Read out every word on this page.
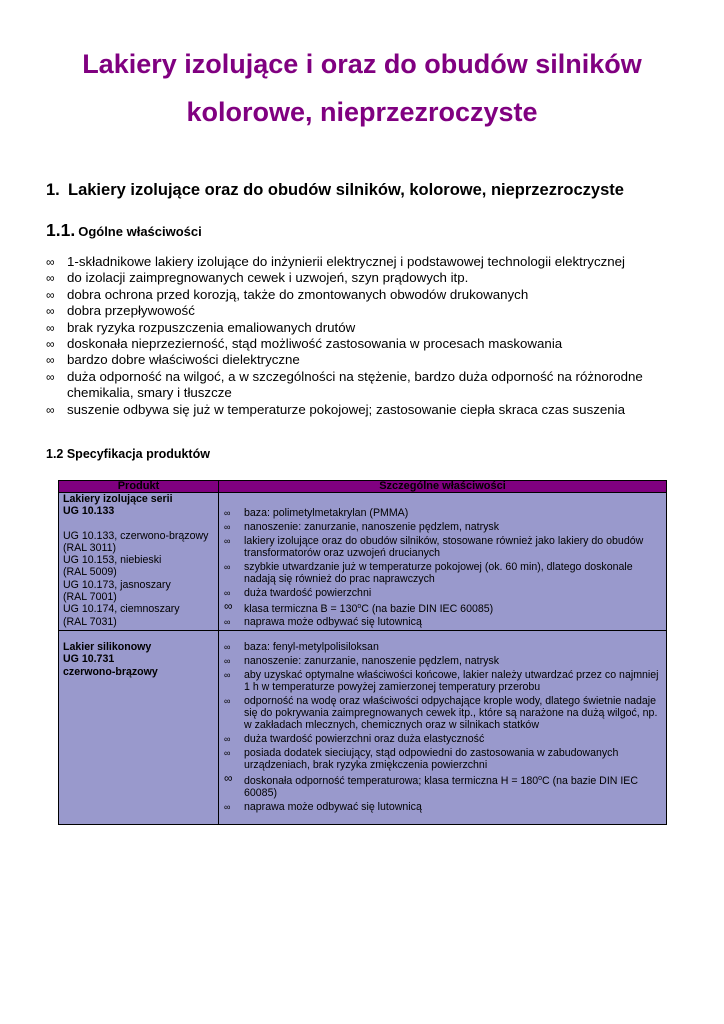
Lakiery izolujące i oraz do obudów silników
kolorowe, nieprzezroczyste
1. Lakiery izolujące oraz do obudów silników, kolorowe, nieprzezroczyste
1.1. Ogólne właściwości
∞ 1-składnikowe lakiery izolujące do inżynierii elektrycznej i podstawowej technologii elektrycznej
∞ do izolacji zaimpregnowanych cewek i uzwojeń, szyn prądowych itp.
∞ dobra ochrona przed korozją, także do zmontowanych obwodów drukowanych
∞ dobra przepływowość
∞ brak ryzyka rozpuszczenia emaliowanych drutów
∞ doskonała nieprzezierność, stąd możliwość zastosowania w procesach maskowania
∞ bardzo dobre właściwości dielektryczne
∞ duża odporność na wilgoć, a w szczególności na stężenie, bardzo duża odporność na różnorodne chemikalia, smary i tłuszcze
∞ suszenie odbywa się już w temperaturze pokojowej; zastosowanie ciepła skraca czas suszenia
1.2 Specyfikacja produktów
Produkt	Szczególne właściwości
Lakiery izolujące serii
UG 10.133
UG 10.133, czerwono-brązowy
(RAL 3011)
UG 10.153, niebieski
(RAL 5009)
UG 10.173, jasnoszary
(RAL 7001)
UG 10.174, ciemnoszary
(RAL 7031)
∞ baza: polimetylmetakrylan (PMMA)
∞ nanoszenie: zanurzanie, nanoszenie pędzlem, natrysk
∞ lakiery izolujące oraz do obudów silników, stosowane również jako lakiery do obudów transformatorów oraz uzwojeń drucianych
∞ szybkie utwardzanie już w temperaturze pokojowej (ok. 60 min), dlatego doskonale nadają się również do prac naprawczych
∞ duża twardość powierzchni
∞ klasa termiczna $B = 130^oC$ (na bazie DIN IEC 60085)
∞ naprawa może odbywać się lutownicą
Lakier silikonowy
UG 10.731
czerwono-brązowy
∞ baza: fenyl-metylpolisiloksan
∞ nanoszenie: zanurzanie, nanoszenie pędzlem, natrysk
∞ aby uzyskać optymalne właściwości końcowe, lakier należy utwardzać przez co najmniej 1 h w temperaturze powyżej zamierzonej temperatury przerobu
∞ odporność na wodę oraz właściwości odpychające krople wody, dlatego świetnie nadaje się do pokrywania zaimpregnowanych cewek itp., które są narażone na dużą wilgoć, np. w zakładach mlecznych, chemicznych oraz w silnikach statków
∞ duża twardość powierzchni oraz duża elastyczność
∞ posiada dodatek sieciujący, stąd odpowiedni do zastosowania w zabudowanych urządzeniach, brak ryzyka zmiękczenia powierzchni
∞ doskonała odporność temperaturowa; klasa termiczna $H = 180^oC$ (na bazie DIN IEC 60085)
∞ naprawa może odbywać się lutownicą
